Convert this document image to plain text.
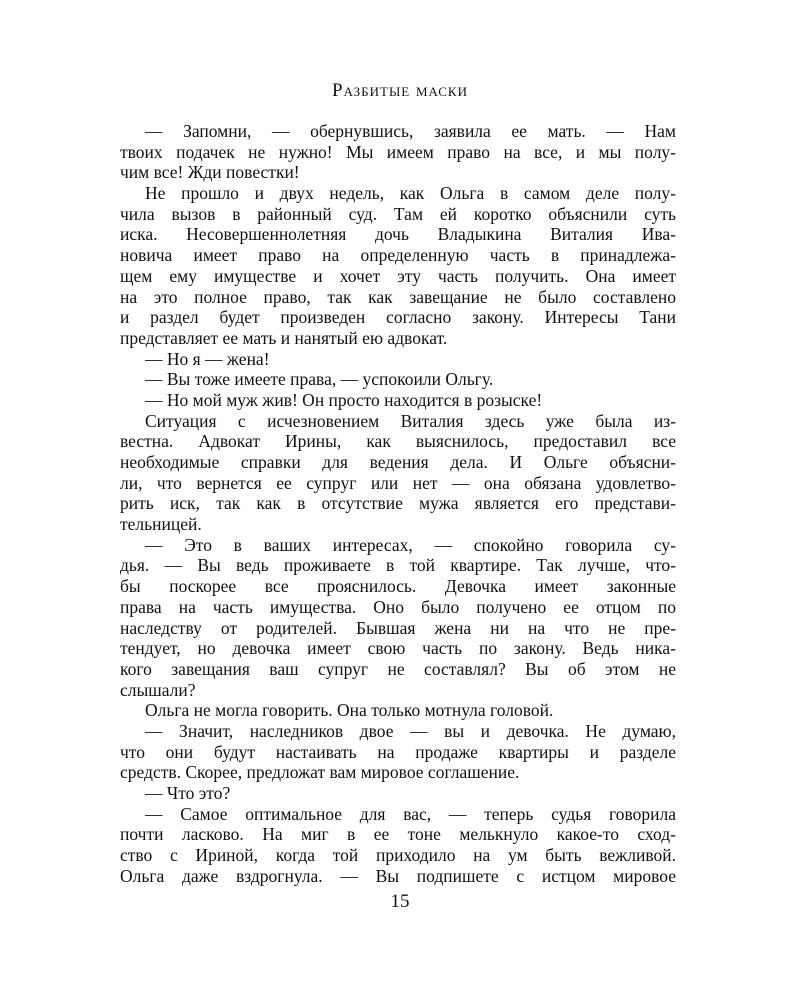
Разбитые маски
— Запомни, — обернувшись, заявила ее мать. — Нам
твоих подачек не нужно! Мы имеем право на все, и мы полу-
чим все! Жди повестки!
Не прошло и двух недель, как Ольга в самом деле полу-
чила вызов в районный суд. Там ей коротко объяснили суть
иска. Несовершеннолетняя дочь Владыкина Виталия Ива-
новича имеет право на определенную часть в принадлежа-
щем ему имуществе и хочет эту часть получить. Она имеет
на это полное право, так как завещание не было составлено
и раздел будет произведен согласно закону. Интересы Тани
представляет ее мать и нанятый ею адвокат.
— Но я — жена!
— Вы тоже имеете права, — успокоили Ольгу.
— Но мой муж жив! Он просто находится в розыске!
Ситуация с исчезновением Виталия здесь уже была из-
вестна. Адвокат Ирины, как выяснилось, предоставил все
необходимые справки для ведения дела. И Ольге объясни-
ли, что вернется ее супруг или нет — она обязана удовлетво-
рить иск, так как в отсутствие мужа является его представи-
тельницей.
— Это в ваших интересах, — спокойно говорила су-
дья. — Вы ведь проживаете в той квартире. Так лучше, что-
бы поскорее все прояснилось. Девочка имеет законные
права на часть имущества. Оно было получено ее отцом по
наследству от родителей. Бывшая жена ни на что не пре-
тендует, но девочка имеет свою часть по закону. Ведь ника-
кого завещания ваш супруг не составлял? Вы об этом не
слышали?
Ольга не могла говорить. Она только мотнула головой.
— Значит, наследников двое — вы и девочка. Не думаю,
что они будут настаивать на продаже квартиры и разделе
средств. Скорее, предложат вам мировое соглашение.
— Что это?
— Самое оптимальное для вас, — теперь судья говорила
почти ласково. На миг в ее тоне мелькнуло какое-то сход-
ство с Ириной, когда той приходило на ум быть вежливой.
Ольга даже вздрогнула. — Вы подпишете с истцом мировое
15
